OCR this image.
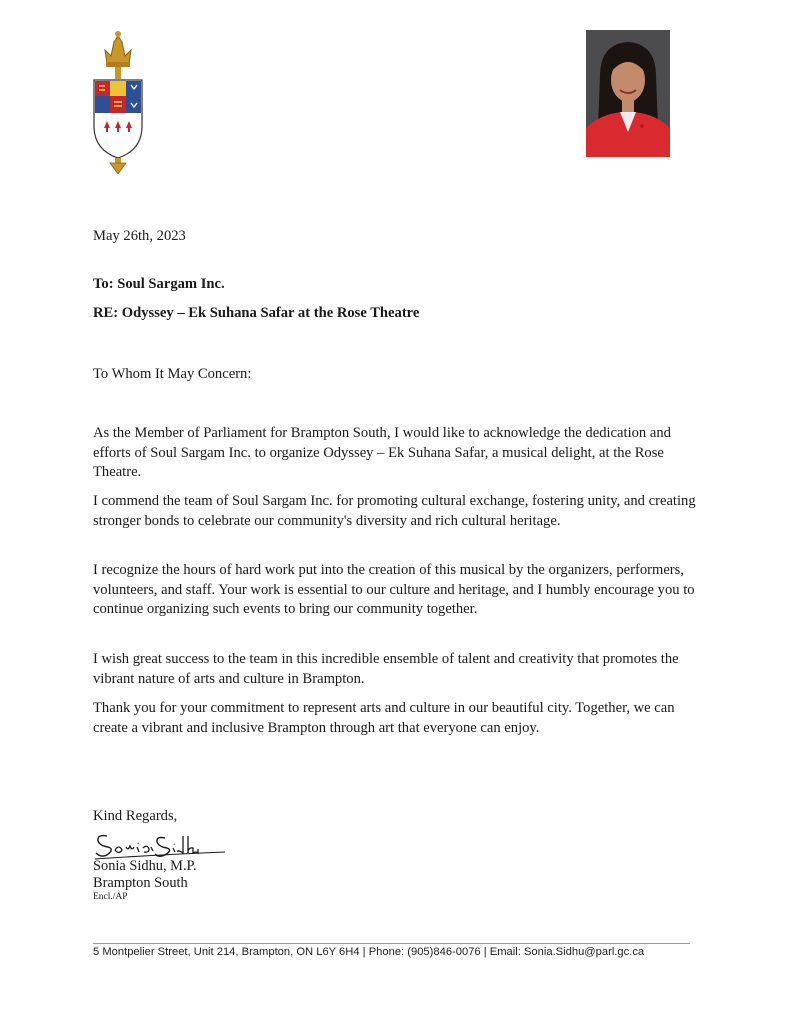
May 26th, 2023
To: Soul Sargam Inc.
RE: Odyssey – Ek Suhana Safar at the Rose Theatre
To Whom It May Concern:

As the Member of Parliament for Brampton South, I would like to acknowledge the dedication and efforts of Soul Sargam Inc. to organize Odyssey – Ek Suhana Safar, a musical delight, at the Rose Theatre.

I commend the team of Soul Sargam Inc. for promoting cultural exchange, fostering unity, and creating stronger bonds to celebrate our community's diversity and rich cultural heritage.

I recognize the hours of hard work put into the creation of this musical by the organizers, performers, volunteers, and staff. Your work is essential to our culture and heritage, and I humbly encourage you to continue organizing such events to bring our community together.

I wish great success to the team in this incredible ensemble of talent and creativity that promotes the vibrant nature of arts and culture in Brampton.

Thank you for your commitment to represent arts and culture in our beautiful city. Together, we can create a vibrant and inclusive Brampton through art that everyone can enjoy.

Kind Regards,
Sonia Sidhu, M.P.
Brampton South
Encl./AP
5 Montpelier Street, Unit 214, Brampton, ON L6Y 6H4 | Phone: (905)846-0076 | Email: Sonia.Sidhu@parl.gc.ca
